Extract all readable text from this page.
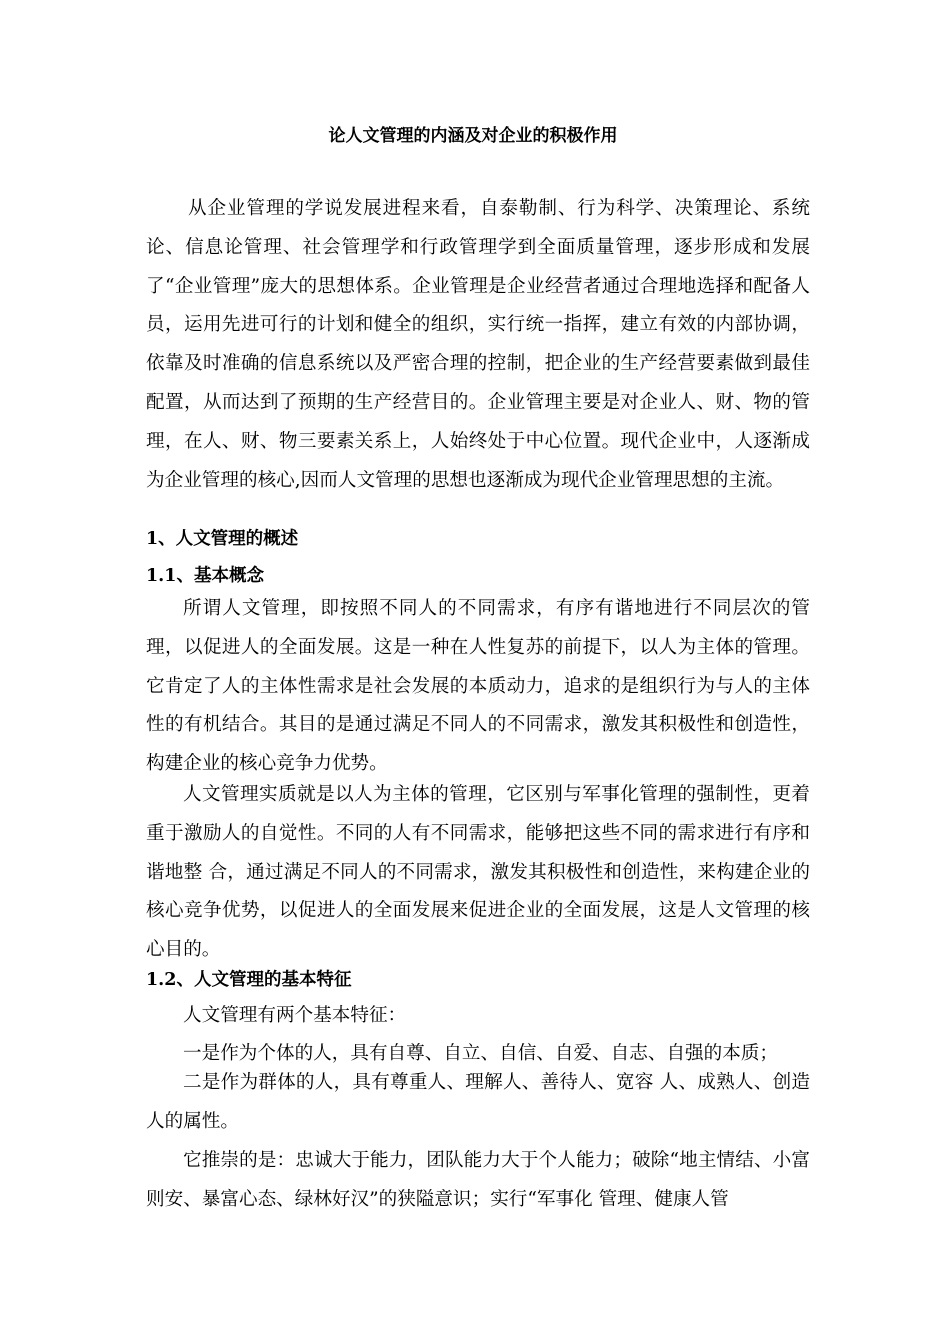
论人文管理的内涵及对企业的积极作用
从企业管理的学说发展进程来看，自泰勒制、行为科学、决策理论、系统论、信息论管理、社会管理学和行政管理学到全面质量管理，逐步形成和发展了“企业管理”庞大的思想体系。企业管理是企业经营者通过合理地选择和配备人员，运用先进可行的计划和健全的组织，实行统一指挥，建立有效的内部协调，依靠及时准确的信息系统以及严密合理的控制，把企业的生产经营要素做到最佳配置，从而达到了预期的生产经营目的。企业管理主要是对企业人、财、物的管理，在人、财、物三要素关系上，人始终处于中心位置。现代企业中，人逐渐成为企业管理的核心,因而人文管理的思想也逐渐成为现代企业管理思想的主流。
1、人文管理的概述
1.1、基本概念
所谓人文管理，即按照不同人的不同需求，有序有谐地进行不同层次的管理，以促进人的全面发展。这是一种在人性复苏的前提下，以人为主体的管理。它肯定了人的主体性需求是社会发展的本质动力，追求的是组织行为与人的主体性的有机结合。其目的是通过满足不同人的不同需求，激发其积极性和创造性，构建企业的核心竞争力优势。
人文管理实质就是以人为主体的管理，它区别与军事化管理的强制性，更着重于激励人的自觉性。不同的人有不同需求，能够把这些不同的需求进行有序和谐地整 合，通过满足不同人的不同需求，激发其积极性和创造性，来构建企业的核心竞争优势，以促进人的全面发展来促进企业的全面发展，这是人文管理的核心目的。
1.2、人文管理的基本特征
人文管理有两个基本特征：
一是作为个体的人，具有自尊、自立、自信、自爱、自志、自强的本质；
二是作为群体的人，具有尊重人、理解人、善待人、宽容 人、成熟人、创造人的属性。
它推崇的是：忠诚大于能力，团队能力大于个人能力；破除“地主情结、小富则安、暴富心态、绿林好汉”的狭隘意识；实行“军事化 管理、健康人管
